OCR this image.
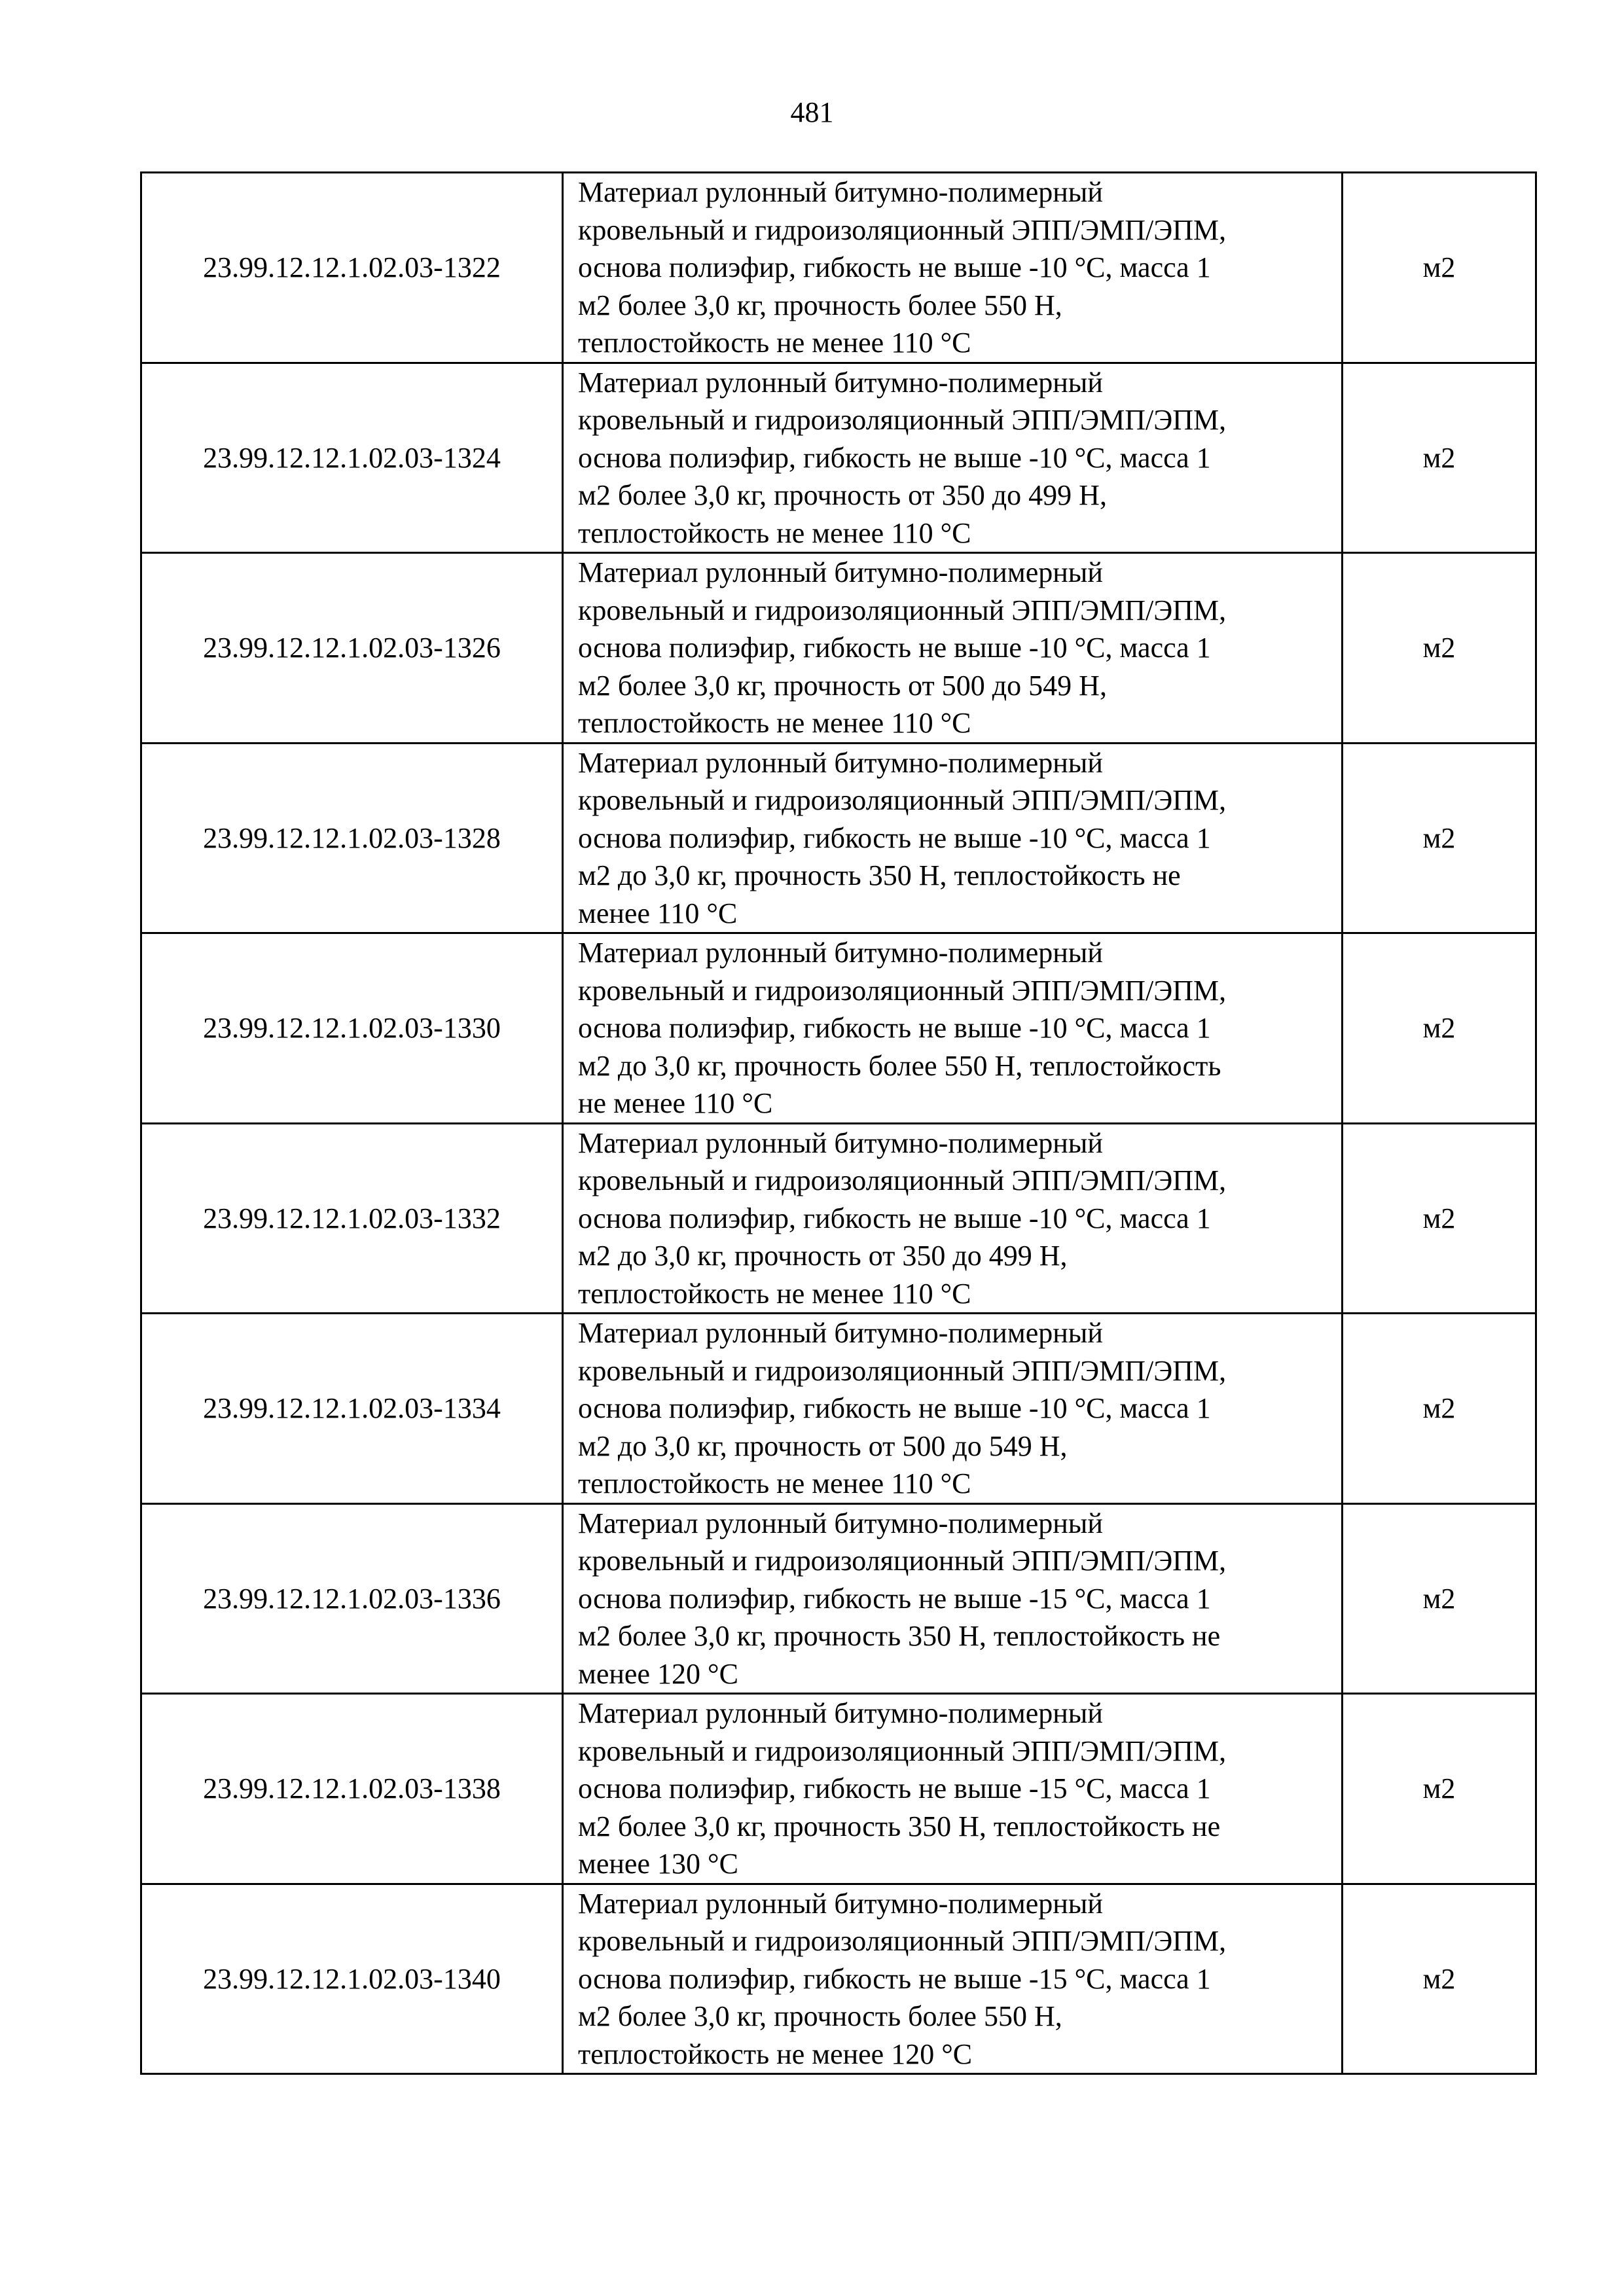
481
23.99.12.12.1.02.03-1322	Материал рулонный битумно-полимерный
кровельный и гидроизоляционный ЭПП/ЭМП/ЭПМ,
основа полиэфир, гибкость не выше -10 °С, масса 1
м2 более 3,0 кг, прочность более 550 Н,
теплостойкость не менее 110 °С	м2
23.99.12.12.1.02.03-1324	Материал рулонный битумно-полимерный
кровельный и гидроизоляционный ЭПП/ЭМП/ЭПМ,
основа полиэфир, гибкость не выше -10 °С, масса 1
м2 более 3,0 кг, прочность от 350 до 499 Н,
теплостойкость не менее 110 °С	м2
23.99.12.12.1.02.03-1326	Материал рулонный битумно-полимерный
кровельный и гидроизоляционный ЭПП/ЭМП/ЭПМ,
основа полиэфир, гибкость не выше -10 °С, масса 1
м2 более 3,0 кг, прочность от 500 до 549 Н,
теплостойкость не менее 110 °С	м2
23.99.12.12.1.02.03-1328	Материал рулонный битумно-полимерный
кровельный и гидроизоляционный ЭПП/ЭМП/ЭПМ,
основа полиэфир, гибкость не выше -10 °С, масса 1
м2 до 3,0 кг, прочность 350 Н, теплостойкость не
менее 110 °С	м2
23.99.12.12.1.02.03-1330	Материал рулонный битумно-полимерный
кровельный и гидроизоляционный ЭПП/ЭМП/ЭПМ,
основа полиэфир, гибкость не выше -10 °С, масса 1
м2 до 3,0 кг, прочность более 550 Н, теплостойкость
не менее 110 °С	м2
23.99.12.12.1.02.03-1332	Материал рулонный битумно-полимерный
кровельный и гидроизоляционный ЭПП/ЭМП/ЭПМ,
основа полиэфир, гибкость не выше -10 °С, масса 1
м2 до 3,0 кг, прочность от 350 до 499 Н,
теплостойкость не менее 110 °С	м2
23.99.12.12.1.02.03-1334	Материал рулонный битумно-полимерный
кровельный и гидроизоляционный ЭПП/ЭМП/ЭПМ,
основа полиэфир, гибкость не выше -10 °С, масса 1
м2 до 3,0 кг, прочность от 500 до 549 Н,
теплостойкость не менее 110 °С	м2
23.99.12.12.1.02.03-1336	Материал рулонный битумно-полимерный
кровельный и гидроизоляционный ЭПП/ЭМП/ЭПМ,
основа полиэфир, гибкость не выше -15 °С, масса 1
м2 более 3,0 кг, прочность 350 Н, теплостойкость не
менее 120 °С	м2
23.99.12.12.1.02.03-1338	Материал рулонный битумно-полимерный
кровельный и гидроизоляционный ЭПП/ЭМП/ЭПМ,
основа полиэфир, гибкость не выше -15 °С, масса 1
м2 более 3,0 кг, прочность 350 Н, теплостойкость не
менее 130 °С	м2
23.99.12.12.1.02.03-1340	Материал рулонный битумно-полимерный
кровельный и гидроизоляционный ЭПП/ЭМП/ЭПМ,
основа полиэфир, гибкость не выше -15 °С, масса 1
м2 более 3,0 кг, прочность более 550 Н,
теплостойкость не менее 120 °С	м2
